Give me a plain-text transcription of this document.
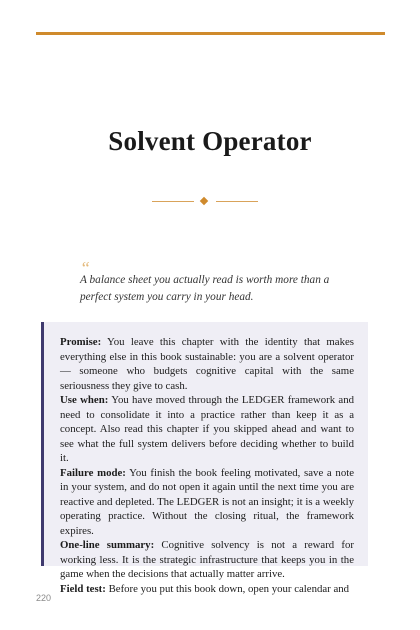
Solvent Operator
“
A balance sheet you actually read is worth more than a perfect system you carry in your head.

Promise: You leave this chapter with the identity that makes everything else in this book sustainable: you are a solvent operator — someone who budgets cognitive capital with the same seriousness they give to cash.

Use when: You have moved through the LEDGER framework and need to consolidate it into a practice rather than keep it as a concept. Also read this chapter if you skipped ahead and want to see what the full system delivers before deciding whether to build it.

Failure mode: You finish the book feeling motivated, save a note in your system, and do not open it again until the next time you are reactive and depleted. The LEDGER is not an insight; it is a weekly operating practice. Without the closing ritual, the framework expires.

One-line summary: Cognitive solvency is not a reward for working less. It is the strategic infrastructure that keeps you in the game when the decisions that actually matter arrive.

Field test: Before you put this book down, open your calendar and

220
